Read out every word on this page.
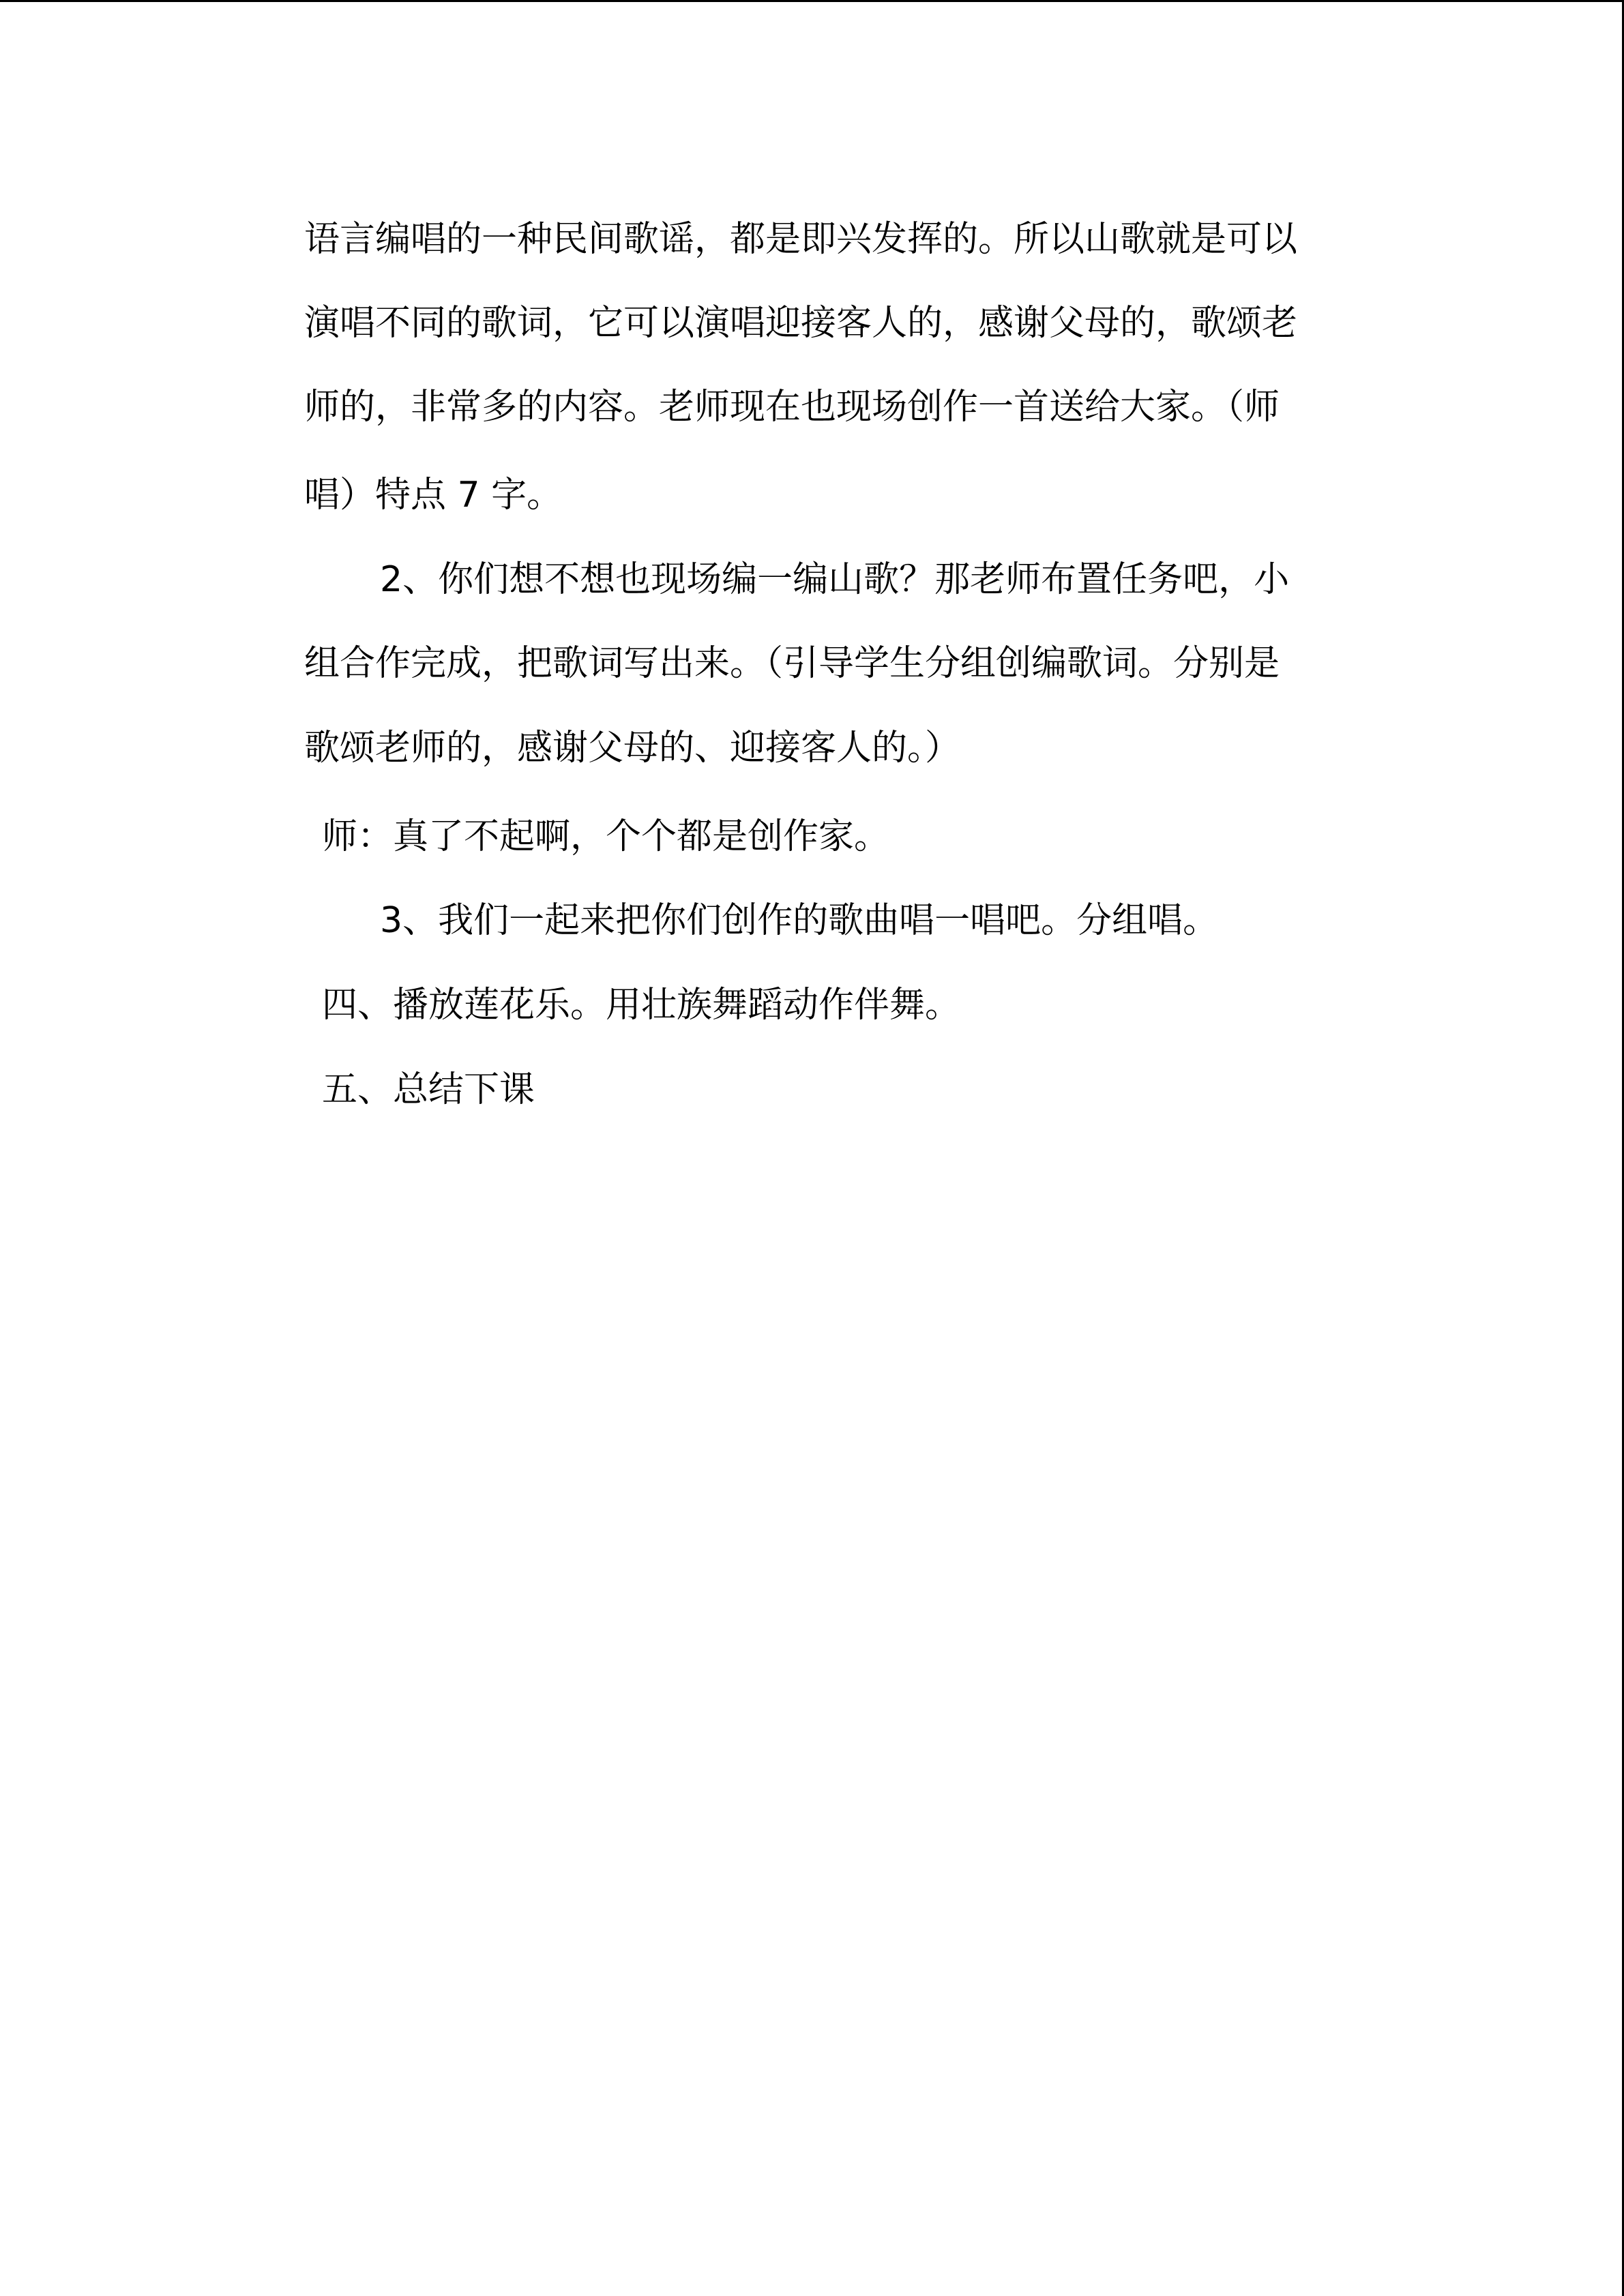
语言编唱的一种民间歌谣，都是即兴发挥的。所以山歌就是可以

演唱不同的歌词，它可以演唱迎接客人的，感谢父母的，歌颂老

师的，非常多的内容。老师现在也现场创作一首送给大家。（师

唱）特点 7 字。

2、你们想不想也现场编一编山歌？那老师布置任务吧，小

组合作完成，把歌词写出来。（引导学生分组创编歌词。分别是

歌颂老师的，感谢父母的、迎接客人的。）

师：真了不起啊，个个都是创作家。

3、我们一起来把你们创作的歌曲唱一唱吧。分组唱。

四、播放莲花乐。用壮族舞蹈动作伴舞。

五、总结下课
